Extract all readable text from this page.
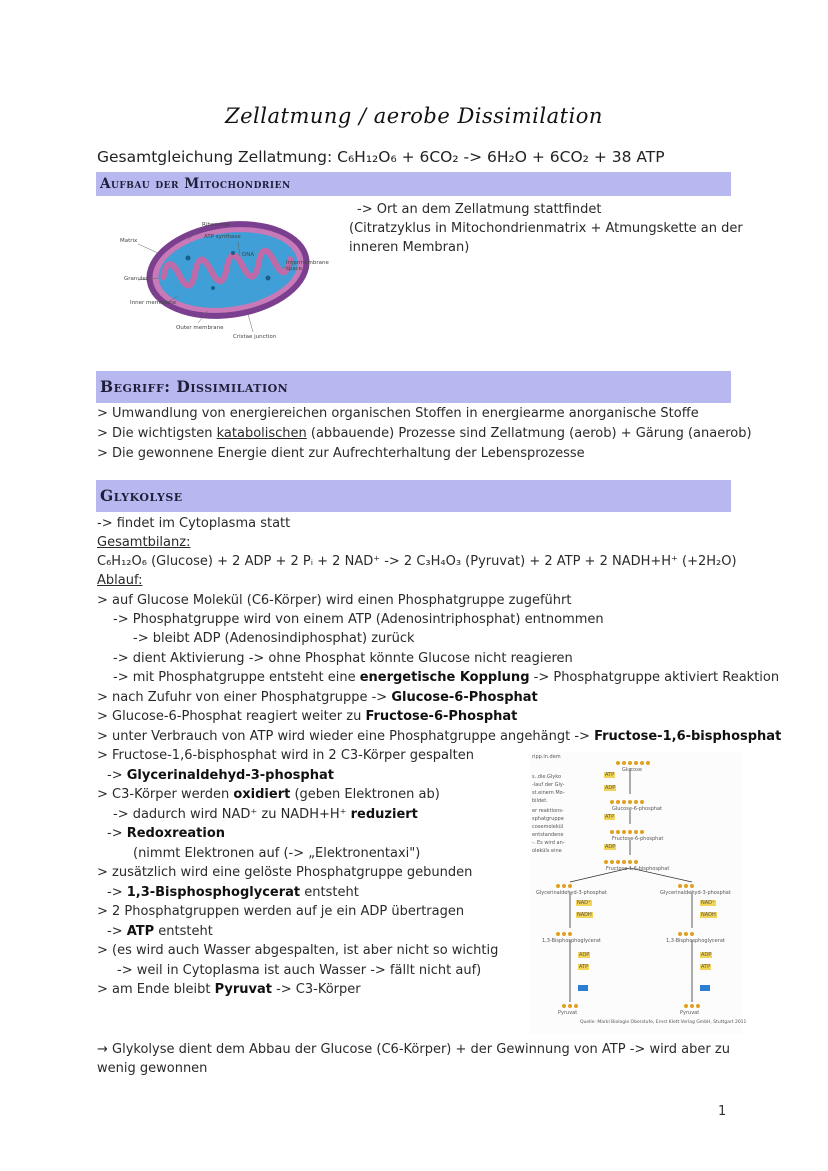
Zellatmung / aerobe Dissimilation
Gesamtgleichung Zellatmung: C₆H₁₂O₆ + 6CO₂ -> 6H₂O + 6CO₂ + 38 ATP
Aufbau der Mitochondrien
Ribosome
ATP synthase
Matrix
DNA
Intermembrane space
Granules
Inner membrane
Outer membrane
Cristae junction
-> Ort an dem Zellatmung stattfindet
(Citratzyklus in Mitochondrienmatrix + Atmungskette an der
inneren Membran)
Begriff: Dissimilation
> Umwandlung von energiereichen organischen Stoffen in energiearme anorganische Stoffe
> Die wichtigsten katabolischen (abbauende) Prozesse sind Zellatmung (aerob) + Gärung (anaerob)
> Die gewonnene Energie dient zur Aufrechterhaltung der Lebensprozesse
Glykolyse
-> findet im Cytoplasma statt
Gesamtbilanz:
C₆H₁₂O₆ (Glucose) + 2 ADP + 2 Pᵢ + 2 NAD⁺ -> 2 C₃H₄O₃ (Pyruvat) + 2 ATP + 2 NADH+H⁺ (+2H₂O)
Ablauf:
> auf Glucose Molekül (C6-Körper) wird einen Phosphatgruppe zugeführt
-> Phosphatgruppe wird von einem ATP (Adenosintriphosphat) entnommen
-> bleibt ADP (Adenosindiphosphat) zurück
-> dient Aktivierung -> ohne Phosphat könnte Glucose nicht reagieren
-> mit Phosphatgruppe entsteht eine energetische Kopplung -> Phosphatgruppe aktiviert Reaktion
> nach Zufuhr von einer Phosphatgruppe -> Glucose-6-Phosphat
> Glucose-6-Phosphat reagiert weiter zu Fructose-6-Phosphat
> unter Verbrauch von ATP wird wieder eine Phosphatgruppe angehängt -> Fructose-1,6-bisphosphat
> Fructose-1,6-bisphosphat wird in 2 C3-Körper gespalten
-> Glycerinaldehyd-3-phosphat
> C3-Körper werden oxidiert (geben Elektronen ab)
-> dadurch wird NAD⁺ zu NADH+H⁺ reduziert
-> Redoxreation
(nimmt Elektronen auf (-> „Elektronentaxi")
> zusätzlich wird eine gelöste Phosphatgruppe gebunden
-> 1,3-Bisphosphoglycerat entsteht
> 2 Phosphatgruppen werden auf je ein ADP übertragen
-> ATP entsteht
> (es wird auch Wasser abgespalten, ist aber nicht so wichtig
-> weil in Cytoplasma ist auch Wasser -> fällt nicht auf)
> am Ende bleibt Pyruvat -> C3-Körper
ripp.in.dem
s..die.Glyko
-lauf der Gly-
st.einem Mo-
bildet.
er reaktions-
sphatgruppe
cosemolekül
entstandene
-. Es wird an-
oleküls eine
Glucose
Glucose-6-phosphat
Fructose-6-phosphat
Fructose-1,6-bisphosphat
Glycerinaldehyd-3-phosphat	Glycerinaldehyd-3-phosphat
1,3-Bisphosphoglycerat	1,3-Bisphosphoglycerat
Pyruvat	Pyruvat
ATP
ADP
ATP
ADP
NAD⁺
NADH
NAD⁺
NADH
ADP
ATP
ADP
ATP
Quelle: Markl Biologie Oberstufe, Ernst Klett Verlag GmbH, Stuttgart 2011
→ Glykolyse dient dem Abbau der Glucose (C6-Körper) + der Gewinnung von ATP -> wird aber zu wenig gewonnen
1
